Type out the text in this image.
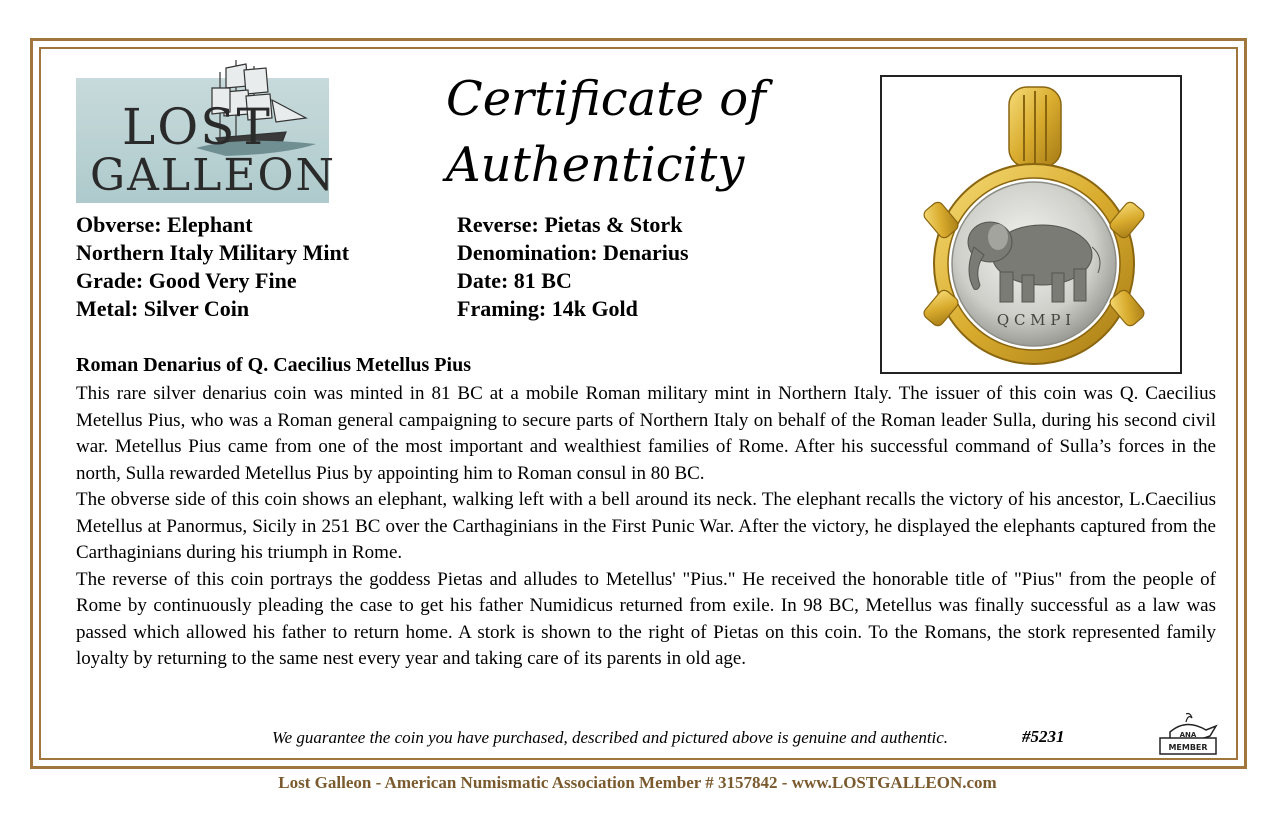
LOST
GALLEON
Certificate of
Authenticity
Q C M P I
Obverse: Elephant
Northern Italy Military Mint
Grade: Good Very Fine
Metal: Silver Coin
Reverse: Pietas & Stork
Denomination: Denarius
Date: 81 BC
Framing: 14k Gold
Roman Denarius of Q. Caecilius Metellus Pius

This rare silver denarius coin was minted in 81 BC at a mobile Roman military mint in Northern Italy. The issuer of this coin was Q. Caecilius Metellus Pius, who was a Roman general campaigning to secure parts of Northern Italy on behalf of the Roman leader Sulla, during his second civil war. Metellus Pius came from one of the most important and wealthiest families of Rome. After his successful command of Sulla’s forces in the north, Sulla rewarded Metellus Pius by appointing him to Roman consul in 80 BC.

The obverse side of this coin shows an elephant, walking left with a bell around its neck. The elephant recalls the victory of his ancestor, L.Caecilius Metellus at Panormus, Sicily in 251 BC over the Carthaginians in the First Punic War. After the victory, he displayed the elephants captured from the Carthaginians during his triumph in Rome.

The reverse of this coin portrays the goddess Pietas and alludes to Metellus' "Pius." He received the honorable title of "Pius" from the people of Rome by continuously pleading the case to get his father Numidicus returned from exile. In 98 BC, Metellus was finally successful as a law was passed which allowed his father to return home. A stork is shown to the right of Pietas on this coin. To the Romans, the stork represented family loyalty by returning to the same nest every year and taking care of its parents in old age.

We guarantee the coin you have purchased, described and pictured above is genuine and authentic.	#5231	ANA
MEMBER
Lost Galleon - American Numismatic Association Member # 3157842 - www.LOSTGALLEON.com
